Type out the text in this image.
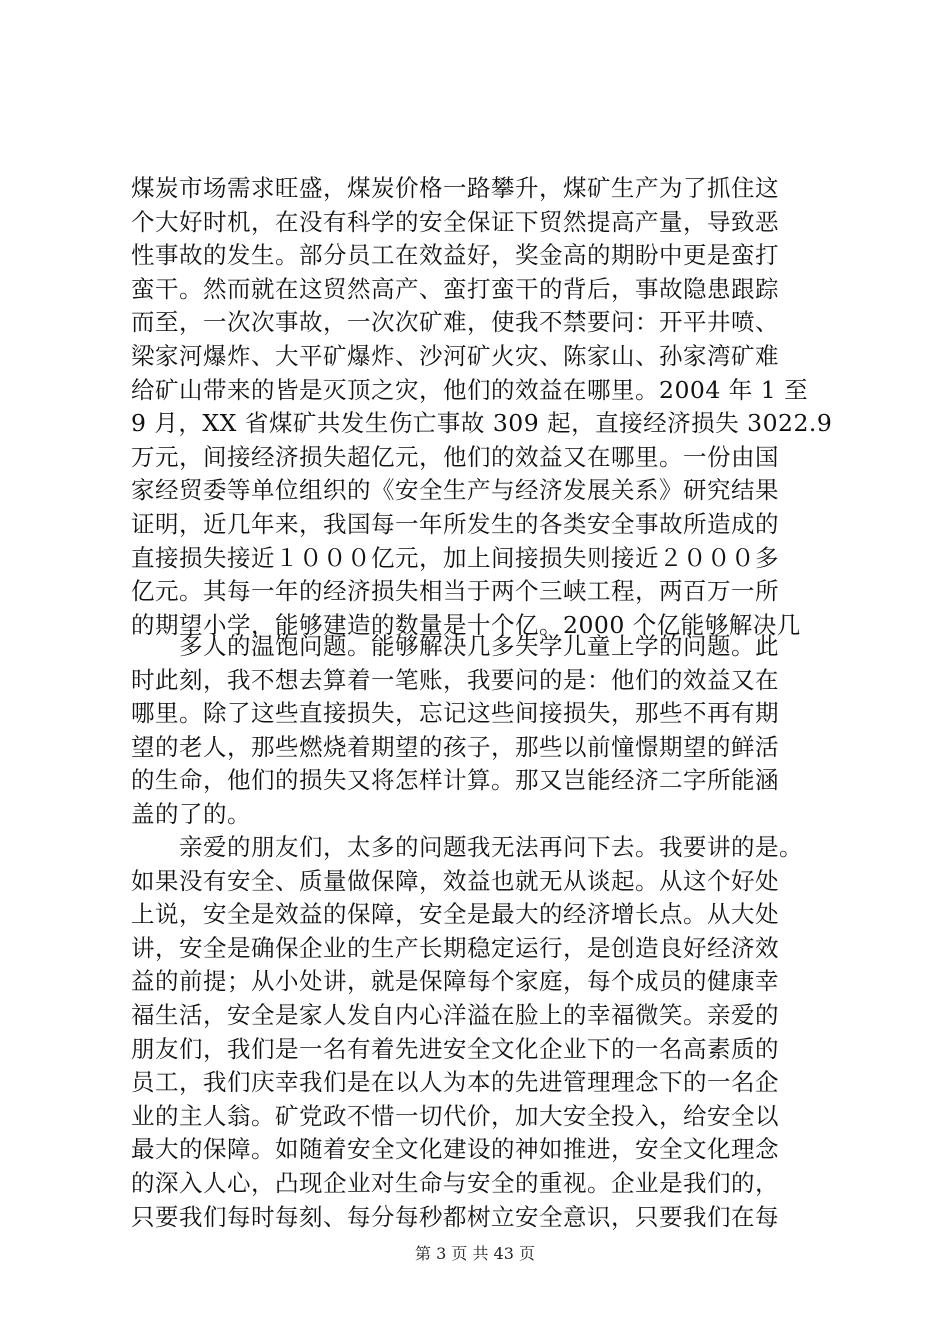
煤炭市场需求旺盛，煤炭价格一路攀升，煤矿生产为了抓住这

个大好时机，在没有科学的安全保证下贸然提高产量，导致恶

性事故的发生。部分员工在效益好，奖金高的期盼中更是蛮打

蛮干。然而就在这贸然高产、蛮打蛮干的背后，事故隐患跟踪

而至，一次次事故，一次次矿难，使我不禁要问：开平井喷、

梁家河爆炸、大平矿爆炸、沙河矿火灾、陈家山、孙家湾矿难

给矿山带来的皆是灭顶之灾，他们的效益在哪里。2004 年 1 至

9 月，XX 省煤矿共发生伤亡事故 309 起，直接经济损失 3022.9

万元，间接经济损失超亿元，他们的效益又在哪里。一份由国

家经贸委等单位组织的《安全生产与经济发展关系》研究结果

证明，近几年来，我国每一年所发生的各类安全事故所造成的

直接损失接近１０００亿元，加上间接损失则接近２０００多

亿元。其每一年的经济损失相当于两个三峡工程，两百万一所

的期望小学，能够建造的数量是十个亿。2000 个亿能够解决几

　　多人的温饱问题。能够解决几多失学儿童上学的问题。此

时此刻，我不想去算着一笔账，我要问的是：他们的效益又在

哪里。除了这些直接损失，忘记这些间接损失，那些不再有期

望的老人，那些燃烧着期望的孩子，那些以前憧憬期望的鲜活

的生命，他们的损失又将怎样计算。那又岂能经济二字所能涵

盖的了的。

　　亲爱的朋友们，太多的问题我无法再问下去。我要讲的是。

如果没有安全、质量做保障，效益也就无从谈起。从这个好处

上说，安全是效益的保障，安全是最大的经济增长点。从大处

讲，安全是确保企业的生产长期稳定运行，是创造良好经济效

益的前提；从小处讲，就是保障每个家庭，每个成员的健康幸

福生活，安全是家人发自内心洋溢在脸上的幸福微笑。亲爱的

朋友们，我们是一名有着先进安全文化企业下的一名高素质的

员工，我们庆幸我们是在以人为本的先进管理理念下的一名企

业的主人翁。矿党政不惜一切代价，加大安全投入，给安全以

最大的保障。如随着安全文化建设的神如推进，安全文化理念

的深入人心，凸现企业对生命与安全的重视。企业是我们的，

只要我们每时每刻、每分每秒都树立安全意识，只要我们在每

第 3 页 共 43 页
